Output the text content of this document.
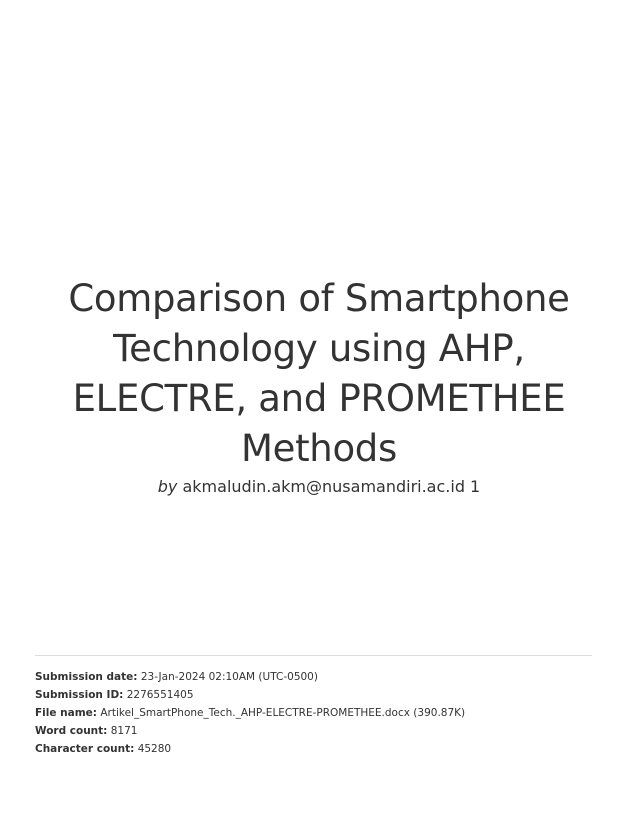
Comparison of Smartphone Technology using AHP, ELECTRE, and PROMETHEE Methods
by akmaludin.akm@nusamandiri.ac.id 1
Submission date: 23-Jan-2024 02:10AM (UTC-0500)
Submission ID: 2276551405
File name: Artikel_SmartPhone_Tech._AHP-ELECTRE-PROMETHEE.docx (390.87K)
Word count: 8171
Character count: 45280
